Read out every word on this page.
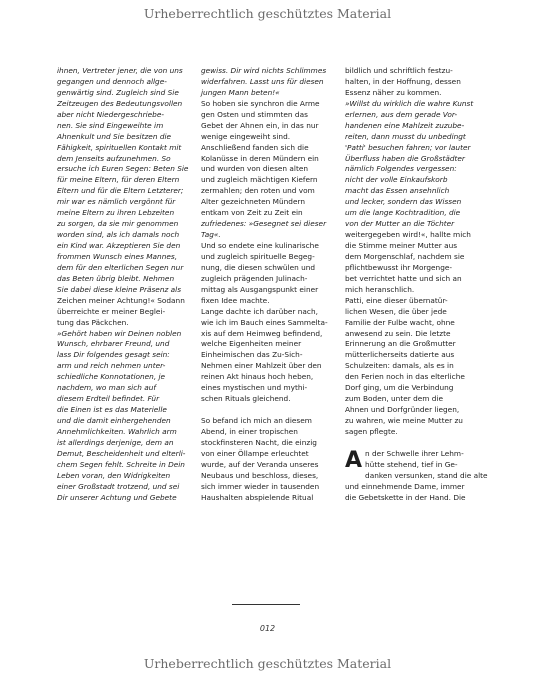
Urheberrechtlich geschütztes Material
ihnen, Vertreter jener, die von uns
gegangen und dennoch allge-
genwärtig sind. Zugleich sind Sie
Zeitzeugen des Bedeutungsvollen
aber nicht Niedergeschriebe-
nen. Sie sind Eingeweihte im
Ahnenkult und Sie besitzen die
Fähigkeit, spirituellen Kontakt mit
dem Jenseits aufzunehmen. So
ersuche ich Euren Segen: Beten Sie
für meine Eltern, für deren Eltern
Eltern und für die Eltern Letzterer;
mir war es nämlich vergönnt für
meine Eltern zu ihren Lebzeiten
zu sorgen, da sie mir genommen
worden sind, als ich damals noch
ein Kind war. Akzeptieren Sie den
frommen Wunsch eines Mannes,
dem für den elterlichen Segen nur
das Beten übrig bleibt. Nehmen
Sie dabei diese kleine Präsenz als
Zeichen meiner Achtung!« Sodann
überreichte er meiner Beglei-
tung das Päckchen.
»Gehört haben wir Deinen noblen
Wunsch, ehrbarer Freund, und
lass Dir folgendes gesagt sein:
arm und reich nehmen unter-
schiedliche Konnotationen, je
nachdem, wo man sich auf
diesem Erdteil befindet. Für
die Einen ist es das Materielle
und die damit einhergehenden
Annehmlichkeiten. Wahrlich arm
ist allerdings derjenige, dem an
Demut, Bescheidenheit und elterli-
chem Segen fehlt. Schreite in Dein
Leben voran, den Widrigkeiten
einer Großstadt trotzend, und sei
Dir unserer Achtung und Gebete
gewiss. Dir wird nichts Schlimmes
widerfahren. Lasst uns für diesen
jungen Mann beten!«
So hoben sie synchron die Arme
gen Osten und stimmten das
Gebet der Ahnen ein, in das nur
wenige eingeweiht sind.
Anschließend fanden sich die
Kolanüsse in deren Mündern ein
und wurden von diesen alten
und zugleich mächtigen Kiefern
zermahlen; den roten und vom
Alter gezeichneten Mündern
entkam von Zeit zu Zeit ein
zufriedenes: »Gesegnet sei dieser
Tag«.
Und so endete eine kulinarische
und zugleich spirituelle Begeg-
nung, die diesen schwülen und
zugleich prägenden Julinach-
mittag als Ausgangspunkt einer
fixen Idee machte.
Lange dachte ich darüber nach,
wie ich im Bauch eines Sammelta-
xis auf dem Heimweg befindend,
welche Eigenheiten meiner
Einheimischen das Zu-Sich-
Nehmen einer Mahlzeit über den
reinen Akt hinaus hoch heben,
eines mystischen und mythi-
schen Rituals gleichend.
So befand ich mich an diesem
Abend, in einer tropischen
stockfinsteren Nacht, die einzig
von einer Öllampe erleuchtet
wurde, auf der Veranda unseres
Neubaus und beschloss, dieses,
sich immer wieder in tausenden
Haushalten abspielende Ritual
bildlich und schriftlich festzu-
halten, in der Hoffnung, dessen
Essenz näher zu kommen.
»Willst du wirklich die wahre Kunst
erlernen, aus dem gerade Vor-
handenen eine Mahlzeit zuzube-
reiten, dann musst du unbedingt
'Patti' besuchen fahren; vor lauter
Überfluss haben die Großstädter
nämlich Folgendes vergessen:
nicht der volle Einkaufskorb
macht das Essen ansehnlich
und lecker, sondern das Wissen
um die lange Kochtradition, die
von der Mutter an die Töchter
weitergegeben wird!«, hallte mich
die Stimme meiner Mutter aus
dem Morgenschlaf, nachdem sie
pflichtbewusst ihr Morgenge-
bet verrichtet hatte und sich an
mich heranschlich.
Patti, eine dieser übernatür-
lichen Wesen, die über jede
Familie der Fulbe wacht, ohne
anwesend zu sein. Die letzte
Erinnerung an die Großmutter
mütterlicherseits datierte aus
Schulzeiten: damals, als es in
den Ferien noch in das elterliche
Dorf ging, um die Verbindung
zum Boden, unter dem die
Ahnen und Dorfgründer liegen,
zu wahren, wie meine Mutter zu
sagen pflegte.
A n der Schwelle ihrer Lehm-
hütte stehend, tief in Ge-
danken versunken, stand die alte
und einnehmende Dame, immer
die Gebetskette in der Hand. Die
012
Urheberrechtlich geschütztes Material
